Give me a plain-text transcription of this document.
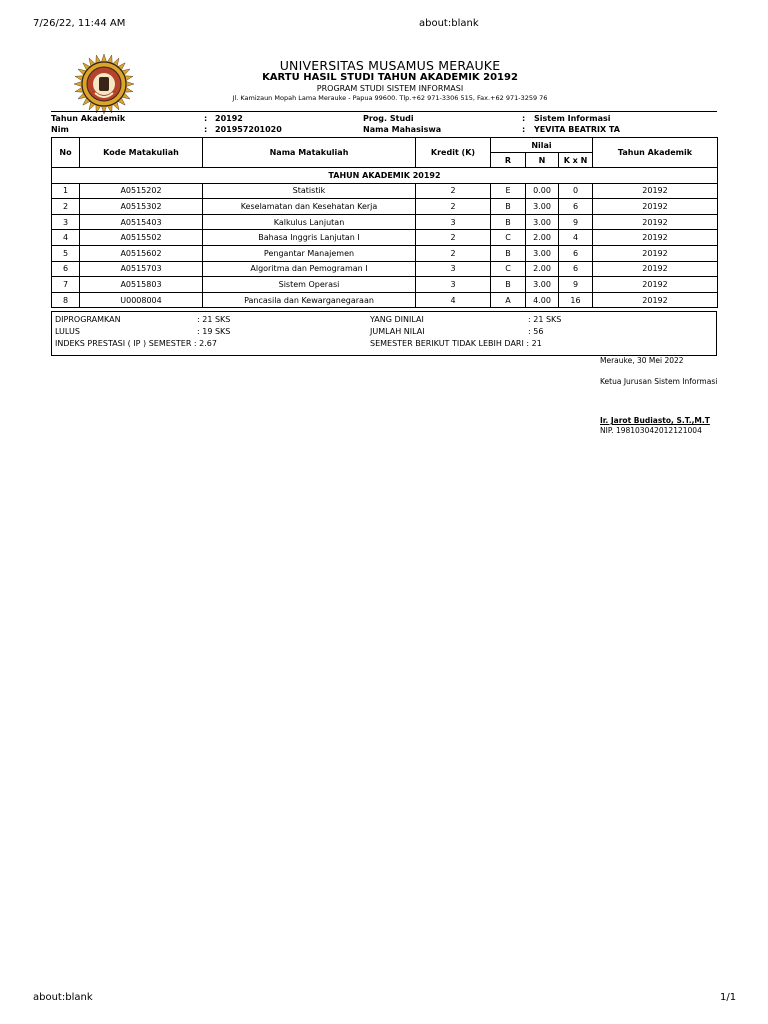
7/26/22, 11:44 AM	about:blank
UNIVERSITAS MUSAMUS MERAUKE
KARTU HASIL STUDI TAHUN AKADEMIK 20192
PROGRAM STUDI SISTEM INFORMASI
Jl. Kamizaun Mopah Lama Merauke - Papua 99600. Tlp.+62 971-3306 515, Fax.+62 971-3259 76
Tahun Akademik	: 20192
Nim	: 201957201020
Prog. Studi	: Sistem Informasi
Nama Mahasiswa	: YEVITA BEATRIX TA
No	Kode Matakuliah	Nama Matakuliah	Kredit (K)	Nilai			Tahun Akademik
				R	N	K x N	
TAHUN AKADEMIK 20192							
1	A0515202	Statistik	2	E	0.00	0	20192
2	A0515302	Keselamatan dan Kesehatan Kerja	2	B	3.00	6	20192
3	A0515403	Kalkulus Lanjutan	3	B	3.00	9	20192
4	A0515502	Bahasa Inggris Lanjutan I	2	C	2.00	4	20192
5	A0515602	Pengantar Manajemen	2	B	3.00	6	20192
6	A0515703	Algoritma dan Pemograman I	3	C	2.00	6	20192
7	A0515803	Sistem Operasi	3	B	3.00	9	20192
8	U0008004	Pancasila dan Kewarganegaraan	4	A	4.00	16	20192
DIPROGRAMKAN	: 21 SKS
LULUS	: 19 SKS
INDEKS PRESTASI ( IP ) SEMESTER : 2.67
YANG DINILAI	: 21 SKS
JUMLAH NILAI	: 56
SEMESTER BERIKUT TIDAK LEBIH DARI : 21
Merauke, 30 Mei 2022
Ketua Jurusan Sistem Informasi
Ir. Jarot Budiasto, S.T.,M.T
NIP. 198103042012121004
about:blank	1/1
